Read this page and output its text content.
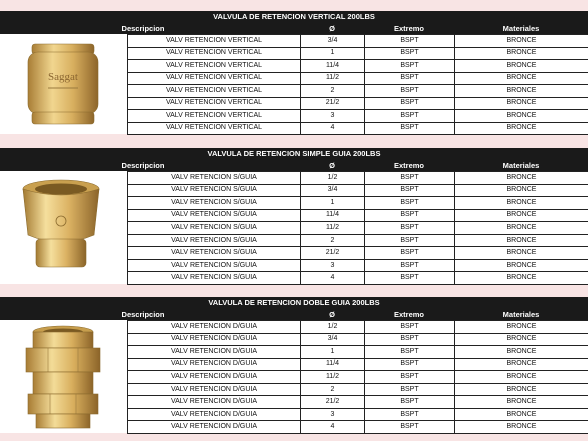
VALVULA DE RETENCION VERTICAL 200LBS
Descripcion	Ø	Extremo	Materiales
Saggat
VALV RETENCION VERTICAL	3/4	BSPT	BRONCE
VALV RETENCION VERTICAL	1	BSPT	BRONCE
VALV RETENCION VERTICAL	11/4	BSPT	BRONCE
VALV RETENCION VERTICAL	11/2	BSPT	BRONCE
VALV RETENCION VERTICAL	2	BSPT	BRONCE
VALV RETENCION VERTICAL	21/2	BSPT	BRONCE
VALV RETENCION VERTICAL	3	BSPT	BRONCE
VALV RETENCION VERTICAL	4	BSPT	BRONCE
VALVULA DE RETENCION SIMPLE GUIA 200LBS
Descripcion	Ø	Extremo	Materiales
VALV RETENCION S/GUIA	1/2	BSPT	BRONCE
VALV RETENCION S/GUIA	3/4	BSPT	BRONCE
VALV RETENCION S/GUIA	1	BSPT	BRONCE
VALV RETENCION S/GUIA	11/4	BSPT	BRONCE
VALV RETENCION S/GUIA	11/2	BSPT	BRONCE
VALV RETENCION S/GUIA	2	BSPT	BRONCE
VALV RETENCION S/GUIA	21/2	BSPT	BRONCE
VALV RETENCION S/GUIA	3	BSPT	BRONCE
VALV RETENCION S/GUIA	4	BSPT	BRONCE
VALVULA DE RETENCION DOBLE GUIA 200LBS
Descripcion	Ø	Extremo	Materiales
VALV RETENCION D/GUIA	1/2	BSPT	BRONCE
VALV RETENCION D/GUIA	3/4	BSPT	BRONCE
VALV RETENCION D/GUIA	1	BSPT	BRONCE
VALV RETENCION D/GUIA	11/4	BSPT	BRONCE
VALV RETENCION D/GUIA	11/2	BSPT	BRONCE
VALV RETENCION D/GUIA	2	BSPT	BRONCE
VALV RETENCION D/GUIA	21/2	BSPT	BRONCE
VALV RETENCION D/GUIA	3	BSPT	BRONCE
VALV RETENCION D/GUIA	4	BSPT	BRONCE
